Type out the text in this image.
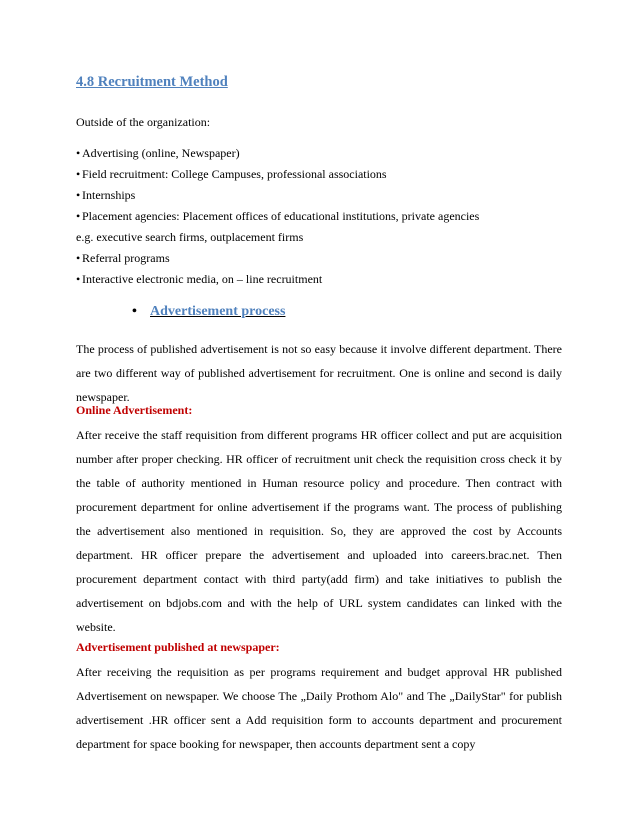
4.8 Recruitment Method

Outside of the organization:

• Advertising (online, Newspaper)

• Field recruitment: College Campuses, professional associations

• Internships

• Placement agencies: Placement offices of educational institutions, private agencies

e.g. executive search firms, outplacement firms

• Referral programs

• Interactive electronic media, on – line recruitment

• Advertisement process

The process of published advertisement is not so easy because it involve different department. There are two different way of published advertisement for recruitment. One is online and second is daily newspaper.

Online Advertisement:

After receive the staff requisition from different programs HR officer collect and put are acquisition number after proper checking. HR officer of recruitment unit check the requisition cross check it by the table of authority mentioned in Human resource policy and procedure. Then contract with procurement department for online advertisement if the programs want. The process of publishing the advertisement also mentioned in requisition. So, they are approved the cost by Accounts department. HR officer prepare the advertisement and uploaded into careers.brac.net. Then procurement department contact with third party(add firm) and take initiatives to publish the advertisement on bdjobs.com and with the help of URL system candidates can linked with the website.

Advertisement published at newspaper:

After receiving the requisition as per programs requirement and budget approval HR published Advertisement on newspaper. We choose The „Daily Prothom Alo" and The „DailyStar" for publish advertisement .HR officer sent a Add requisition form to accounts department and procurement department for space booking for newspaper, then accounts department sent a copy
